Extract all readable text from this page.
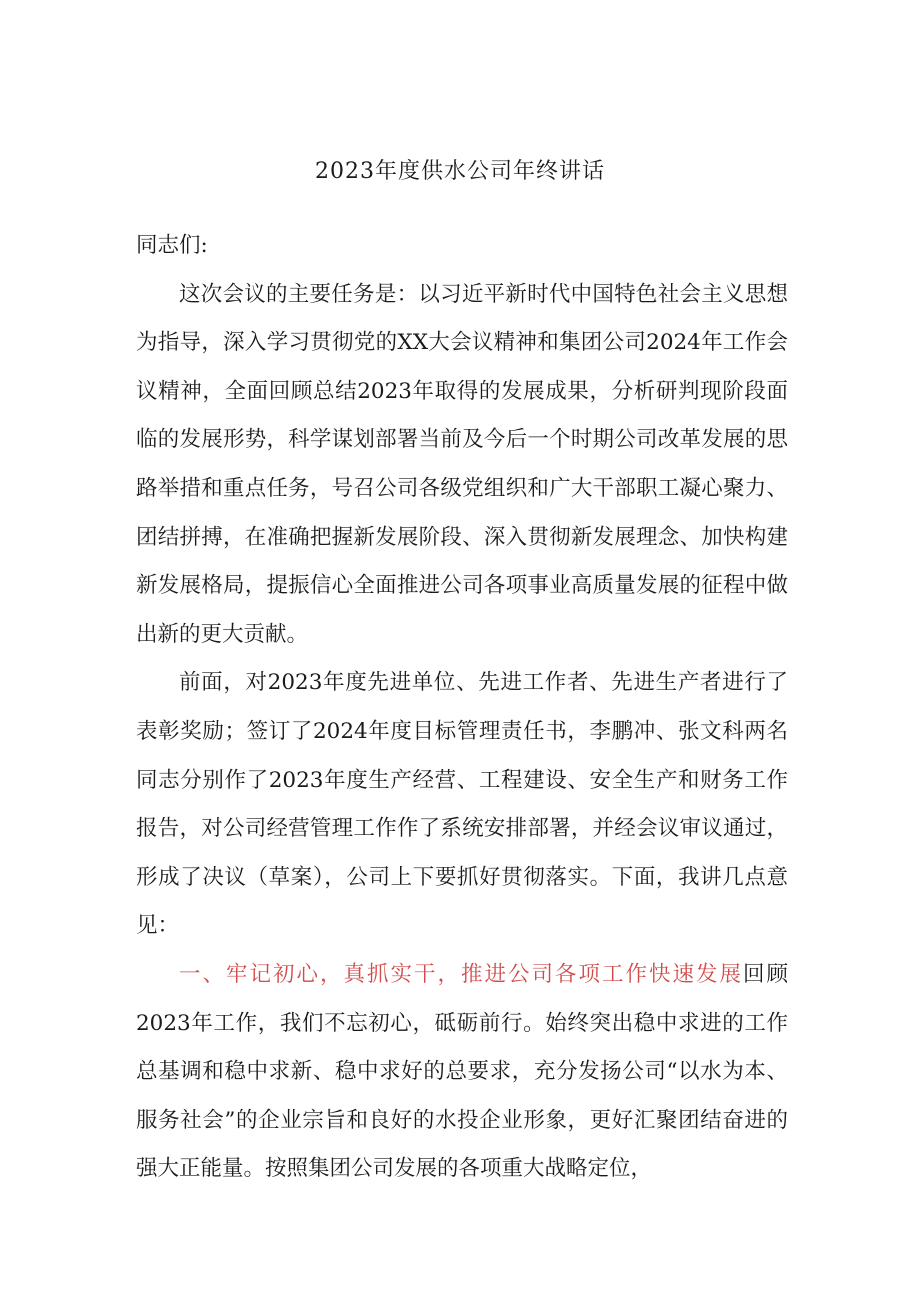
2023年度供水公司年终讲话

同志们:

这次会议的主要任务是：以习近平新时代中国特色社会主义思想为指导，深入学习贯彻党的XX大会议精神和集团公司2024年工作会议精神，全面回顾总结2023年取得的发展成果，分析研判现阶段面临的发展形势，科学谋划部署当前及今后一个时期公司改革发展的思路举措和重点任务，号召公司各级党组织和广大干部职工凝心聚力、团结拼搏，在准确把握新发展阶段、深入贯彻新发展理念、加快构建新发展格局，提振信心全面推进公司各项事业高质量发展的征程中做出新的更大贡献。

前面，对2023年度先进单位、先进工作者、先进生产者进行了表彰奖励；签订了2024年度目标管理责任书，李鹏冲、张文科两名同志分别作了2023年度生产经营、工程建设、安全生产和财务工作报告，对公司经营管理工作作了系统安排部署，并经会议审议通过，形成了决议（草案），公司上下要抓好贯彻落实。下面，我讲几点意见：

一、牢记初心，真抓实干，推进公司各项工作快速发展回顾2023年工作，我们不忘初心，砥砺前行。始终突出稳中求进的工作总基调和稳中求新、稳中求好的总要求，充分发扬公司“以水为本、服务社会”的企业宗旨和良好的水投企业形象，更好汇聚团结奋进的强大正能量。按照集团公司发展的各项重大战略定位，
